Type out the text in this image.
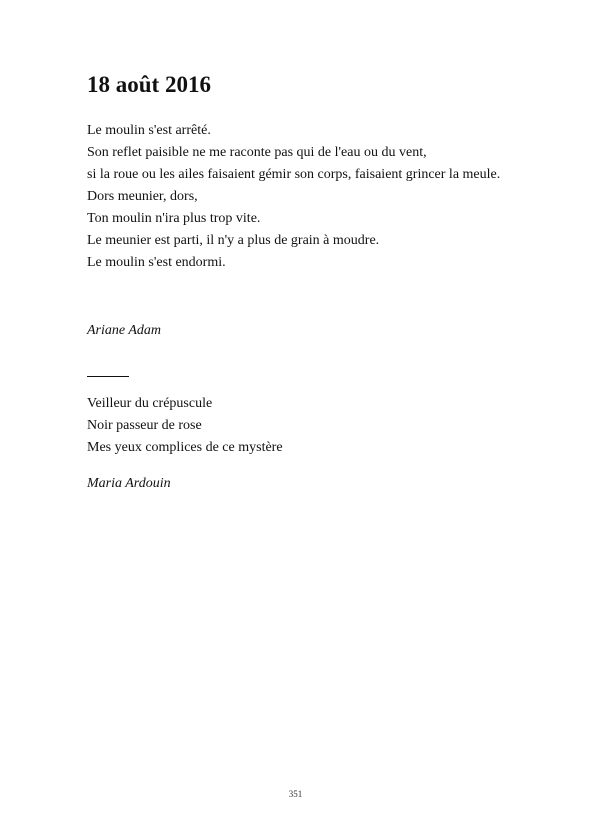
18 août 2016
Le moulin s'est arrêté.
Son reflet paisible ne me raconte pas qui de l'eau ou du vent,
si la roue ou les ailes faisaient gémir son corps, faisaient grincer la meule.
Dors meunier, dors,
Ton moulin n'ira plus trop vite.
Le meunier est parti, il n'y a plus de grain à moudre.
Le moulin s'est endormi.

Ariane Adam

Veilleur du crépuscule
Noir passeur de rose
Mes yeux complices de ce mystère

Maria Ardouin

351
